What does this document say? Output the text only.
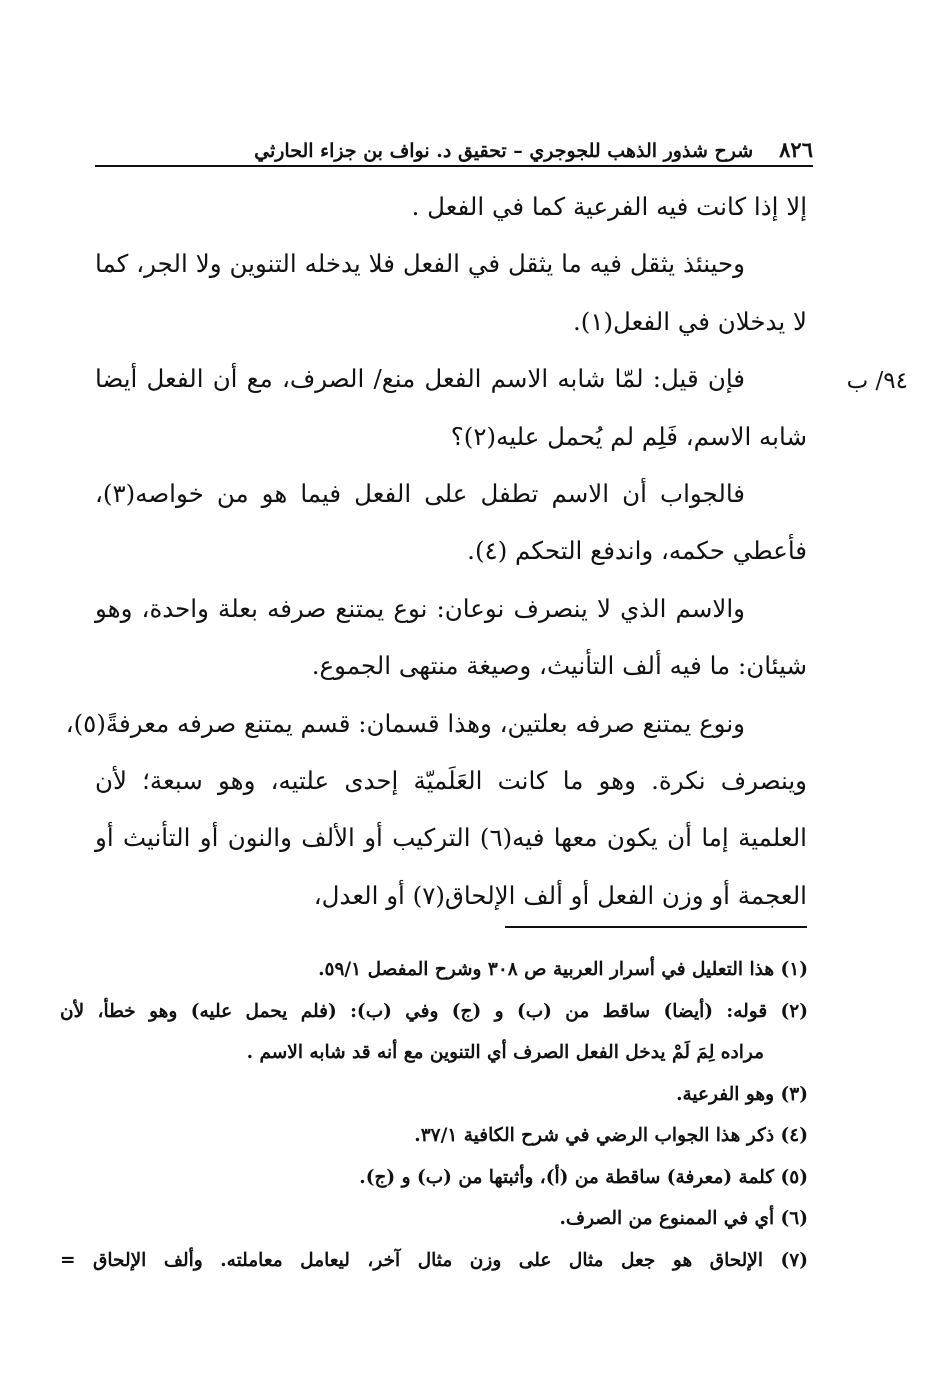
٨٢٦
شرح شذور الذهب للجوجري – تحقيق د. نواف بن جزاء الحارثي
٩٤/ ب
إلا إذا كانت فيه الفرعية كما في الفعل .
وحينئذ يثقل فيه ما يثقل في الفعل فلا يدخله التنوين ولا الجر، كما
لا يدخلان في الفعل(١).
فإن قيل: لمّا شابه الاسم الفعل منع/ الصرف، مع أن الفعل أيضا
شابه الاسم، فَلِم لم يُحمل عليه(٢)؟
فالجواب أن الاسم تطفل على الفعل فيما هو من خواصه(٣)،
فأعطي حكمه، واندفع التحكم (٤).
والاسم الذي لا ينصرف نوعان: نوع يمتنع صرفه بعلة واحدة، وهو
شيئان: ما فيه ألف التأنيث، وصيغة منتهى الجموع.
ونوع يمتنع صرفه بعلتين، وهذا قسمان: قسم يمتنع صرفه معرفةً(٥)،
وينصرف نكرة. وهو ما كانت العَلَميّة إحدى علتيه، وهو سبعة؛ لأن
العلمية إما أن يكون معها فيه(٦) التركيب أو الألف والنون أو التأنيث أو
العجمة أو وزن الفعل أو ألف الإلحاق(٧) أو العدل،
(١) هذا التعليل في أسرار العربية ص ٣٠٨ وشرح المفصل ٥٩/١.
(٢) قوله: (أيضا) ساقط من (ب) و (ج) وفي (ب): (فلم يحمل عليه) وهو خطأ، لأن
مراده لِمَ لَمْ يدخل الفعل الصرف أي التنوين مع أنه قد شابه الاسم .
(٣) وهو الفرعية.
(٤) ذكر هذا الجواب الرضي في شرح الكافية ٣٧/١.
(٥) كلمة (معرفة) ساقطة من (أ)، وأثبتها من (ب) و (ج).
(٦) أي في الممنوع من الصرف.
(٧) الإلحاق هو جعل مثال على وزن مثال آخر، ليعامل معاملته. وألف الإلحاق =
